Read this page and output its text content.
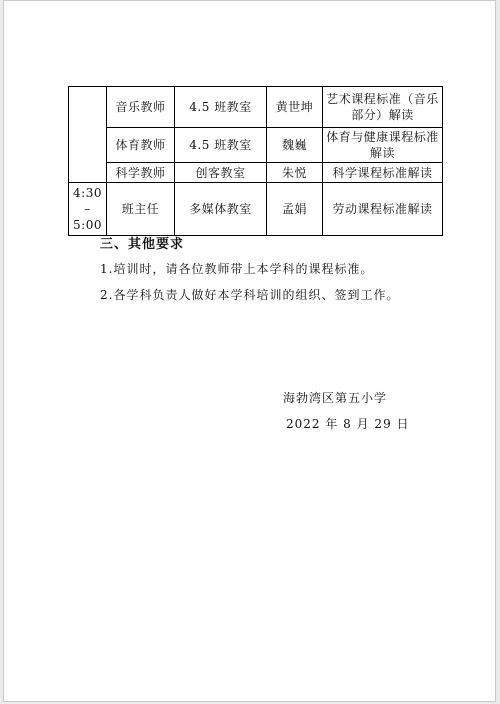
	音乐教师	4.5 班教室	黄世坤	艺术课程标准（音乐部分）解读
	体育教师	4.5 班教室	魏巍	体育与健康课程标准解读
	科学教师	创客教室	朱悦	科学课程标准解读

4:30
–
5:00	班主任	多媒体教室	孟娟	劳动课程标准解读
三、其他要求
1.培训时，请各位教师带上本学科的课程标准。
2.各学科负责人做好本学科培训的组织、签到工作。
海勃湾区第五小学
2022 年 8 月 29 日
